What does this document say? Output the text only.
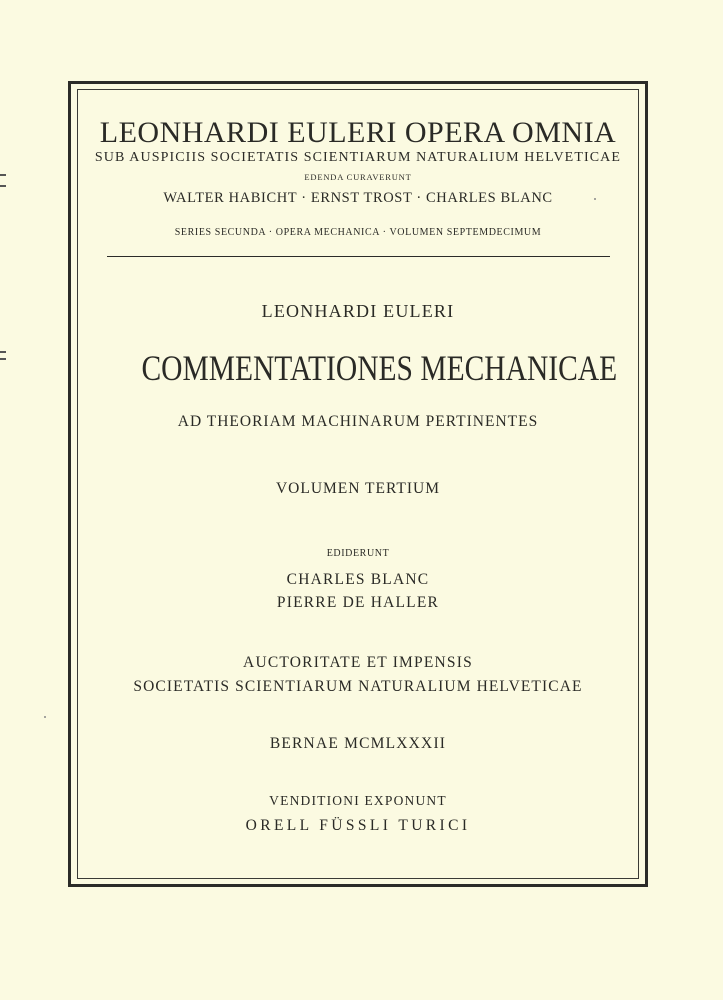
LEONHARDI EULERI OPERA OMNIA

SUB AUSPICIIS SOCIETATIS SCIENTIARUM NATURALIUM HELVETICAE

EDENDA CURAVERUNT

WALTER HABICHT · ERNST TROST · CHARLES BLANC

SERIES SECUNDA · OPERA MECHANICA · VOLUMEN SEPTEMDECIMUM

LEONHARDI EULERI

COMMENTATIONES MECHANICAE

AD THEORIAM MACHINARUM PERTINENTES

VOLUMEN TERTIUM

EDIDERUNT

CHARLES BLANC

PIERRE DE HALLER

AUCTORITATE ET IMPENSIS

SOCIETATIS SCIENTIARUM NATURALIUM HELVETICAE

BERNAE MCMLXXXII

VENDITIONI EXPONUNT

ORELL FÜSSLI TURICI
